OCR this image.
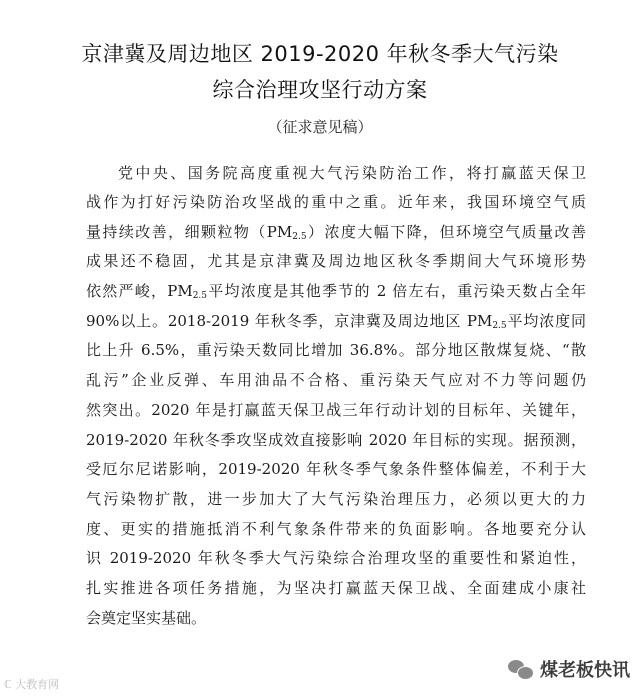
京津冀及周边地区 2019-2020 年秋冬季大气污染
综合治理攻坚行动方案
（征求意见稿）
党中央、国务院高度重视大气污染防治工作，将打赢蓝天保卫
战作为打好污染防治攻坚战的重中之重。近年来，我国环境空气质
量持续改善，细颗粒物$(PM_{2.5})$浓度大幅下降，但环境空气质量改善
成果还不稳固，尤其是京津冀及周边地区秋冬季期间大气环境形势
依然严峻，$PM_{2.5}$平均浓度是其他季节的 2 倍左右，重污染天数占全年
90%以上。2018-2019 年秋冬季，京津冀及周边地区 $PM_{2.5}$平均浓度同
比上升 6.5%，重污染天数同比增加 36.8%。部分地区散煤复烧、“散
乱污”企业反弹、车用油品不合格、重污染天气应对不力等问题仍
然突出。2020 年是打赢蓝天保卫战三年行动计划的目标年、关键年，
2019-2020 年秋冬季攻坚成效直接影响 2020 年目标的实现。据预测，
受厄尔尼诺影响，2019-2020 年秋冬季气象条件整体偏差，不利于大
气污染物扩散，进一步加大了大气污染治理压力，必须以更大的力
度、更实的措施抵消不利气象条件带来的负面影响。各地要充分认
识 2019-2020 年秋冬季大气污染综合治理攻坚的重要性和紧迫性，
扎实推进各项任务措施，为坚决打赢蓝天保卫战、全面建成小康社
会奠定坚实基础。
ℂ 大教育网
煤老板快讯
